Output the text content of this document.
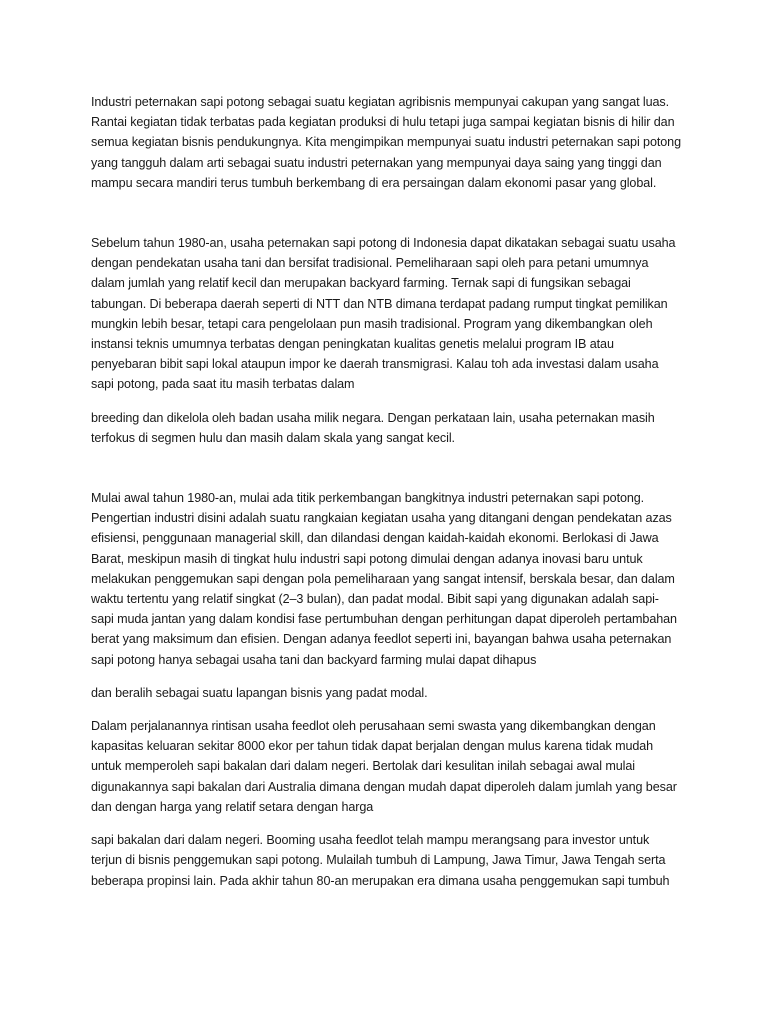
Industri peternakan sapi potong sebagai suatu kegiatan agribisnis mempunyai cakupan yang sangat luas. Rantai kegiatan tidak terbatas pada kegiatan produksi di hulu tetapi juga sampai kegiatan bisnis di hilir dan semua kegiatan bisnis pendukungnya. Kita mengimpikan mempunyai suatu industri peternakan sapi potong yang tangguh dalam arti sebagai suatu industri peternakan yang mempunyai daya saing yang tinggi dan mampu secara mandiri terus tumbuh berkembang di era persaingan dalam ekonomi pasar yang global.

Sebelum tahun 1980-an, usaha peternakan sapi potong di Indonesia dapat dikatakan sebagai suatu usaha dengan pendekatan usaha tani dan bersifat tradisional. Pemeliharaan sapi oleh para petani umumnya dalam jumlah yang relatif kecil dan merupakan backyard farming. Ternak sapi di fungsikan sebagai tabungan. Di beberapa daerah seperti di NTT dan NTB dimana terdapat padang rumput tingkat pemilikan mungkin lebih besar, tetapi cara pengelolaan pun masih tradisional. Program yang dikembangkan oleh instansi teknis umumnya terbatas dengan peningkatan kualitas genetis melalui program IB atau penyebaran bibit sapi lokal ataupun impor ke daerah transmigrasi. Kalau toh ada investasi dalam usaha sapi potong, pada saat itu masih terbatas dalam

breeding dan dikelola oleh badan usaha milik negara. Dengan perkataan lain, usaha peternakan masih terfokus di segmen hulu dan masih dalam skala yang sangat kecil.

Mulai awal tahun 1980-an, mulai ada titik perkembangan bangkitnya industri peternakan sapi potong. Pengertian industri disini adalah suatu rangkaian kegiatan usaha yang ditangani dengan pendekatan azas efisiensi, penggunaan managerial skill, dan dilandasi dengan kaidah-kaidah ekonomi. Berlokasi di Jawa Barat, meskipun masih di tingkat hulu industri sapi potong dimulai dengan adanya inovasi baru untuk melakukan penggemukan sapi dengan pola pemeliharaan yang sangat intensif, berskala besar, dan dalam waktu tertentu yang relatif singkat (2–3 bulan), dan padat modal. Bibit sapi yang digunakan adalah sapi-sapi muda jantan yang dalam kondisi fase pertumbuhan dengan perhitungan dapat diperoleh pertambahan berat yang maksimum dan efisien. Dengan adanya feedlot seperti ini, bayangan bahwa usaha peternakan sapi potong hanya sebagai usaha tani dan backyard farming mulai dapat dihapus

dan beralih sebagai suatu lapangan bisnis yang padat modal.

Dalam perjalanannya rintisan usaha feedlot oleh perusahaan semi swasta yang dikembangkan dengan kapasitas keluaran sekitar 8000 ekor per tahun tidak dapat berjalan dengan mulus karena tidak mudah untuk memperoleh sapi bakalan dari dalam negeri. Bertolak dari kesulitan inilah sebagai awal mulai digunakannya sapi bakalan dari Australia dimana dengan mudah dapat diperoleh dalam jumlah yang besar dan dengan harga yang relatif setara dengan harga

sapi bakalan dari dalam negeri. Booming usaha feedlot telah mampu merangsang para investor untuk terjun di bisnis penggemukan sapi potong. Mulailah tumbuh di Lampung, Jawa Timur, Jawa Tengah serta beberapa propinsi lain. Pada akhir tahun 80-an merupakan era dimana usaha penggemukan sapi tumbuh
